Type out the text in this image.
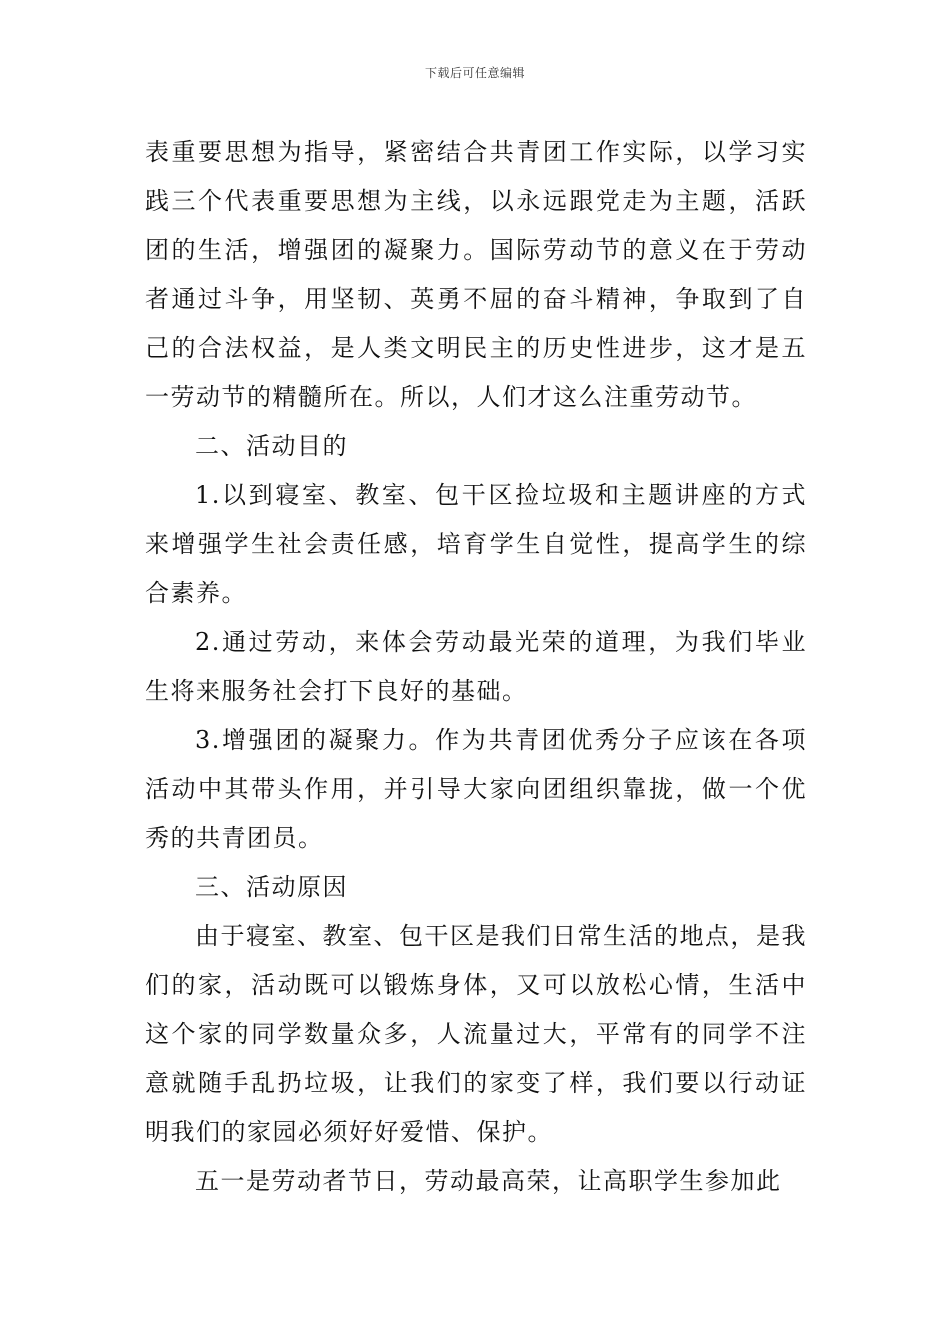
下载后可任意编辑

表重要思想为指导，紧密结合共青团工作实际，以学习实践三个代表重要思想为主线，以永远跟党走为主题，活跃团的生活，增强团的凝聚力。国际劳动节的意义在于劳动者通过斗争，用坚韧、英勇不屈的奋斗精神，争取到了自己的合法权益，是人类文明民主的历史性进步，这才是五一劳动节的精髓所在。所以，人们才这么注重劳动节。

二、活动目的

1.以到寝室、教室、包干区捡垃圾和主题讲座的方式来增强学生社会责任感，培育学生自觉性，提高学生的综合素养。

2.通过劳动，来体会劳动最光荣的道理，为我们毕业生将来服务社会打下良好的基础。

3.增强团的凝聚力。作为共青团优秀分子应该在各项活动中其带头作用，并引导大家向团组织靠拢，做一个优秀的共青团员。

三、活动原因

由于寝室、教室、包干区是我们日常生活的地点，是我们的家，活动既可以锻炼身体，又可以放松心情，生活中这个家的同学数量众多，人流量过大，平常有的同学不注意就随手乱扔垃圾，让我们的家变了样，我们要以行动证明我们的家园必须好好爱惜、保护。

五一是劳动者节日，劳动最高荣，让高职学生参加此
